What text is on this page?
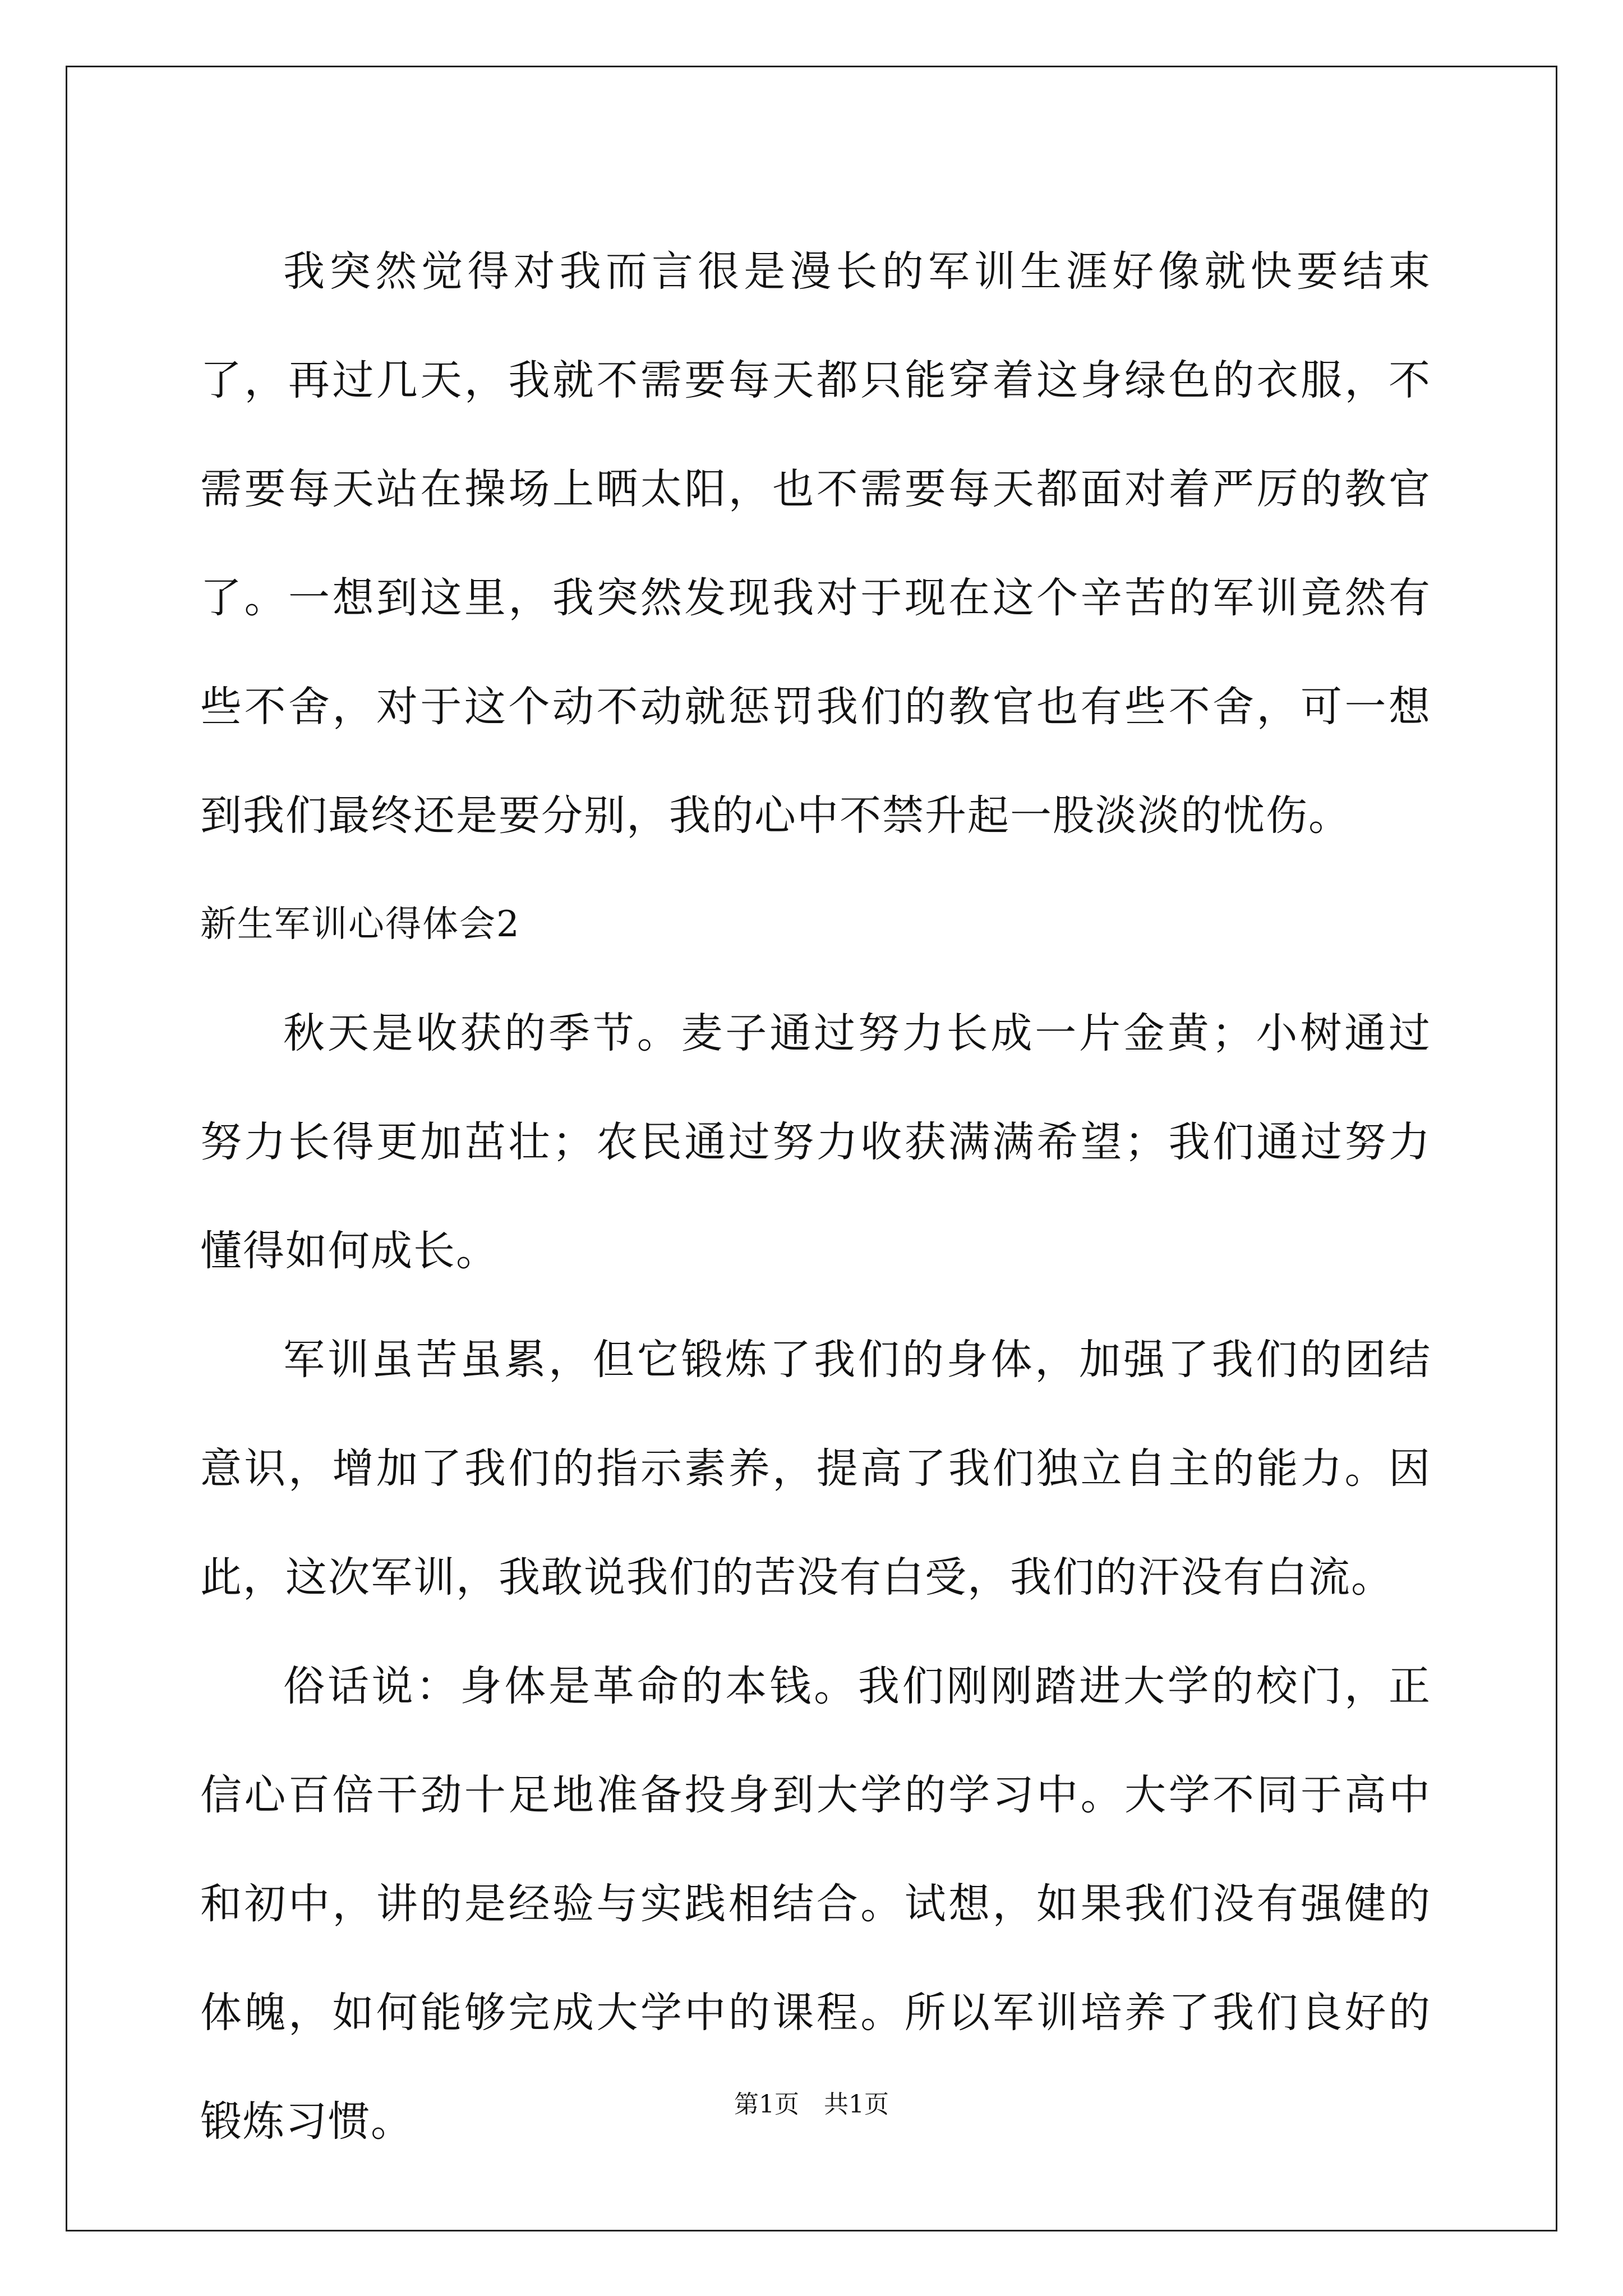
我突然觉得对我而言很是漫长的军训生涯好像就快要结束了，再过几天，我就不需要每天都只能穿着这身绿色的衣服，不需要每天站在操场上晒太阳，也不需要每天都面对着严厉的教官了。一想到这里，我突然发现我对于现在这个辛苦的军训竟然有些不舍，对于这个动不动就惩罚我们的教官也有些不舍，可一想到我们最终还是要分别，我的心中不禁升起一股淡淡的忧伤。

新生军训心得体会2

秋天是收获的季节。麦子通过努力长成一片金黄；小树通过努力长得更加茁壮；农民通过努力收获满满希望；我们通过努力懂得如何成长。

军训虽苦虽累，但它锻炼了我们的身体，加强了我们的团结意识，增加了我们的指示素养，提高了我们独立自主的能力。因此，这次军训，我敢说我们的苦没有白受，我们的汗没有白流。

俗话说：身体是革命的本钱。我们刚刚踏进大学的校门，正信心百倍干劲十足地准备投身到大学的学习中。大学不同于高中和初中，讲的是经验与实践相结合。试想，如果我们没有强健的体魄，如何能够完成大学中的课程。所以军训培养了我们良好的锻炼习惯。	第1页 共1页
